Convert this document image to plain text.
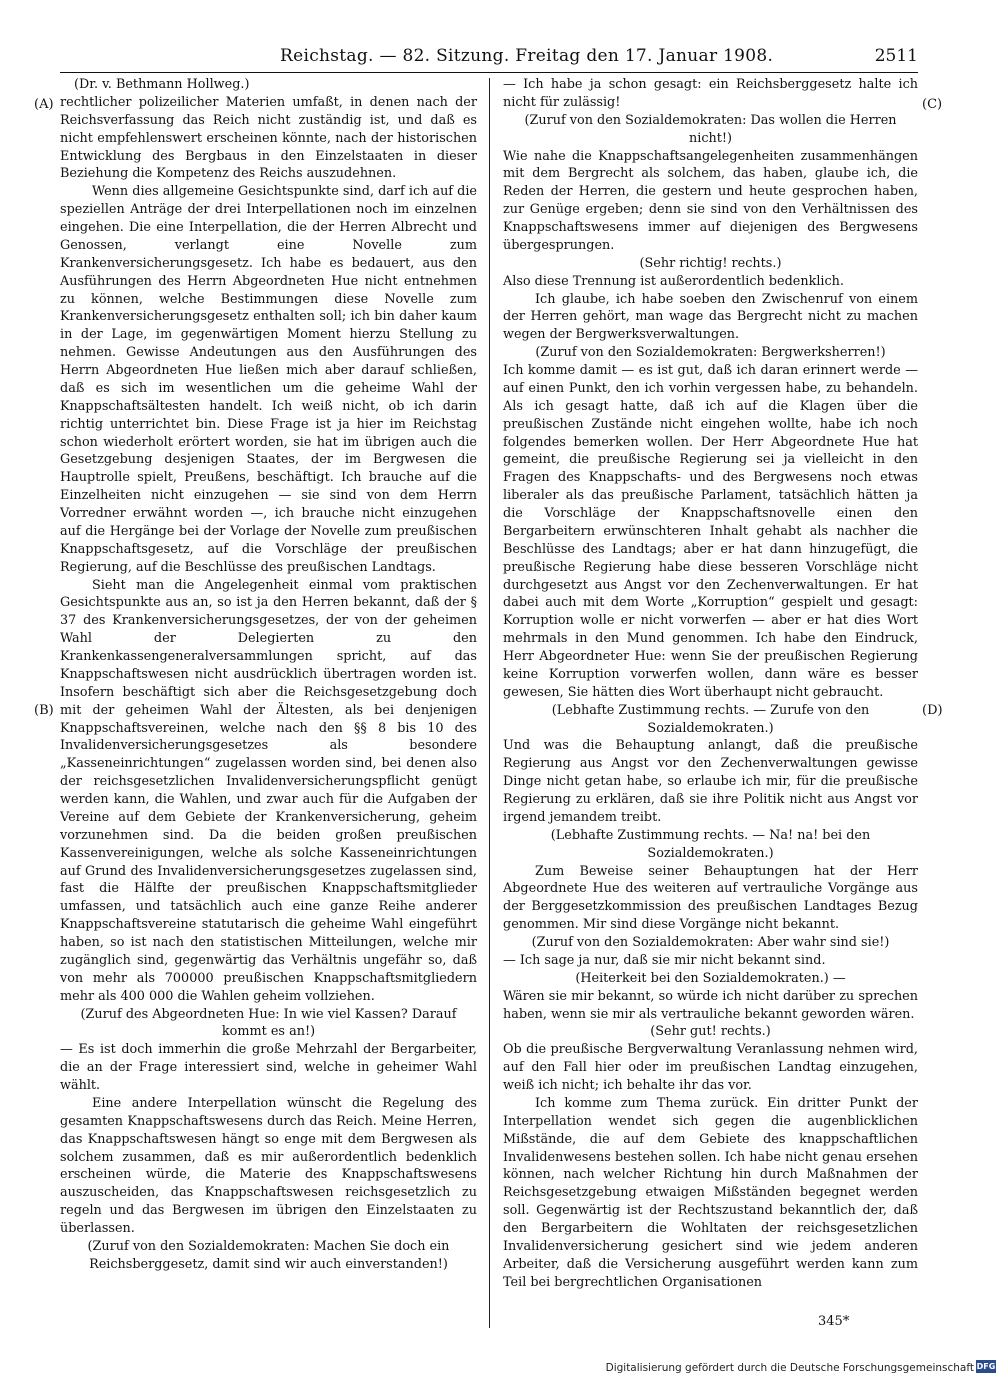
Reichstag. — 82. Sitzung. Freitag den 17. Januar 1908.	2511
(A)
(B)
(C)
(D)

(Dr. v. Bethmann Hollweg.)

rechtlicher polizeilicher Materien umfaßt, in denen nach der Reichsverfassung das Reich nicht zuständig ist, und daß es nicht empfehlenswert erscheinen könnte, nach der historischen Entwicklung des Bergbaus in den Einzelstaaten in dieser Beziehung die Kompetenz des Reichs auszudehnen.

Wenn dies allgemeine Gesichtspunkte sind, darf ich auf die speziellen Anträge der drei Interpellationen noch im einzelnen eingehen. Die eine Interpellation, die der Herren Albrecht und Genossen, verlangt eine Novelle zum Krankenversicherungsgesetz. Ich habe es bedauert, aus den Ausführungen des Herrn Abgeordneten Hue nicht entnehmen zu können, welche Bestimmungen diese Novelle zum Krankenversicherungsgesetz enthalten soll; ich bin daher kaum in der Lage, im gegenwärtigen Moment hierzu Stellung zu nehmen. Gewisse Andeutungen aus den Ausführungen des Herrn Abgeordneten Hue ließen mich aber darauf schließen, daß es sich im wesentlichen um die geheime Wahl der Knappschaftsältesten handelt. Ich weiß nicht, ob ich darin richtig unterrichtet bin. Diese Frage ist ja hier im Reichstag schon wiederholt erörtert worden, sie hat im übrigen auch die Gesetzgebung desjenigen Staates, der im Bergwesen die Hauptrolle spielt, Preußens, beschäftigt. Ich brauche auf die Einzelheiten nicht einzugehen — sie sind von dem Herrn Vorredner erwähnt worden —, ich brauche nicht einzugehen auf die Hergänge bei der Vorlage der Novelle zum preußischen Knappschaftsgesetz, auf die Vorschläge der preußischen Regierung, auf die Beschlüsse des preußischen Landtags.

Sieht man die Angelegenheit einmal vom praktischen Gesichtspunkte aus an, so ist ja den Herren bekannt, daß der § 37 des Krankenversicherungsgesetzes, der von der geheimen Wahl der Delegierten zu den Krankenkassengeneralversammlungen spricht, auf das Knappschaftswesen nicht ausdrücklich übertragen worden ist. Insofern beschäftigt sich aber die Reichsgesetzgebung doch mit der geheimen Wahl der Ältesten, als bei denjenigen Knappschaftsvereinen, welche nach den §§ 8 bis 10 des Invalidenversicherungsgesetzes als besondere „Kasseneinrichtungen“ zugelassen worden sind, bei denen also der reichsgesetzlichen Invalidenversicherungspflicht genügt werden kann, die Wahlen, und zwar auch für die Aufgaben der Vereine auf dem Gebiete der Krankenversicherung, geheim vorzunehmen sind. Da die beiden großen preußischen Kassenvereinigungen, welche als solche Kasseneinrichtungen auf Grund des Invalidenversicherungsgesetzes zugelassen sind, fast die Hälfte der preußischen Knappschaftsmitglieder umfassen, und tatsächlich auch eine ganze Reihe anderer Knappschaftsvereine statutarisch die geheime Wahl eingeführt haben, so ist nach den statistischen Mitteilungen, welche mir zugänglich sind, gegenwärtig das Verhältnis ungefähr so, daß von mehr als 700000 preußischen Knappschaftsmitgliedern mehr als 400 000 die Wahlen geheim vollziehen.

(Zuruf des Abgeordneten Hue: In wie viel Kassen? Darauf kommt es an!)

— Es ist doch immerhin die große Mehrzahl der Bergarbeiter, die an der Frage interessiert sind, welche in geheimer Wahl wählt.

Eine andere Interpellation wünscht die Regelung des gesamten Knappschaftswesens durch das Reich. Meine Herren, das Knappschaftswesen hängt so enge mit dem Bergwesen als solchem zusammen, daß es mir außerordentlich bedenklich erscheinen würde, die Materie des Knappschaftswesens auszuscheiden, das Knappschaftswesen reichsgesetzlich zu regeln und das Bergwesen im übrigen den Einzelstaaten zu überlassen.

(Zuruf von den Sozialdemokraten: Machen Sie doch ein Reichsberggesetz, damit sind wir auch einverstanden!)

— Ich habe ja schon gesagt: ein Reichsberggesetz halte ich nicht für zulässig!

(Zuruf von den Sozialdemokraten: Das wollen die Herren nicht!)

Wie nahe die Knappschaftsangelegenheiten zusammenhängen mit dem Bergrecht als solchem, das haben, glaube ich, die Reden der Herren, die gestern und heute gesprochen haben, zur Genüge ergeben; denn sie sind von den Verhältnissen des Knappschaftswesens immer auf diejenigen des Bergwesens übergesprungen.

(Sehr richtig! rechts.)

Also diese Trennung ist außerordentlich bedenklich.

Ich glaube, ich habe soeben den Zwischenruf von einem der Herren gehört, man wage das Bergrecht nicht zu machen wegen der Bergwerksverwaltungen.

(Zuruf von den Sozialdemokraten: Bergwerksherren!)

Ich komme damit — es ist gut, daß ich daran erinnert werde — auf einen Punkt, den ich vorhin vergessen habe, zu behandeln. Als ich gesagt hatte, daß ich auf die Klagen über die preußischen Zustände nicht eingehen wollte, habe ich noch folgendes bemerken wollen. Der Herr Abgeordnete Hue hat gemeint, die preußische Regierung sei ja vielleicht in den Fragen des Knappschafts- und des Bergwesens noch etwas liberaler als das preußische Parlament, tatsächlich hätten ja die Vorschläge der Knappschaftsnovelle einen den Bergarbeitern erwünschteren Inhalt gehabt als nachher die Beschlüsse des Landtags; aber er hat dann hinzugefügt, die preußische Regierung habe diese besseren Vorschläge nicht durchgesetzt aus Angst vor den Zechenverwaltungen. Er hat dabei auch mit dem Worte „Korruption“ gespielt und gesagt: Korruption wolle er nicht vorwerfen — aber er hat dies Wort mehrmals in den Mund genommen. Ich habe den Eindruck, Herr Abgeordneter Hue: wenn Sie der preußischen Regierung keine Korruption vorwerfen wollen, dann wäre es besser gewesen, Sie hätten dies Wort überhaupt nicht gebraucht.

(Lebhafte Zustimmung rechts. — Zurufe von den Sozialdemokraten.)

Und was die Behauptung anlangt, daß die preußische Regierung aus Angst vor den Zechenverwaltungen gewisse Dinge nicht getan habe, so erlaube ich mir, für die preußische Regierung zu erklären, daß sie ihre Politik nicht aus Angst vor irgend jemandem treibt.

(Lebhafte Zustimmung rechts. — Na! na! bei den Sozialdemokraten.)

Zum Beweise seiner Behauptungen hat der Herr Abgeordnete Hue des weiteren auf vertrauliche Vorgänge aus der Berggesetzkommission des preußischen Landtages Bezug genommen. Mir sind diese Vorgänge nicht bekannt.

(Zuruf von den Sozialdemokraten: Aber wahr sind sie!)

— Ich sage ja nur, daß sie mir nicht bekannt sind.

(Heiterkeit bei den Sozialdemokraten.) —

Wären sie mir bekannt, so würde ich nicht darüber zu sprechen haben, wenn sie mir als vertrauliche bekannt geworden wären.

(Sehr gut! rechts.)

Ob die preußische Bergverwaltung Veranlassung nehmen wird, auf den Fall hier oder im preußischen Landtag einzugehen, weiß ich nicht; ich behalte ihr das vor.

Ich komme zum Thema zurück. Ein dritter Punkt der Interpellation wendet sich gegen die augenblicklichen Mißstände, die auf dem Gebiete des knappschaftlichen Invalidenwesens bestehen sollen. Ich habe nicht genau ersehen können, nach welcher Richtung hin durch Maßnahmen der Reichsgesetzgebung etwaigen Mißständen begegnet werden soll. Gegenwärtig ist der Rechtszustand bekanntlich der, daß den Bergarbeitern die Wohltaten der reichsgesetzlichen Invalidenversicherung gesichert sind wie jedem anderen Arbeiter, daß die Versicherung ausgeführt werden kann zum Teil bei bergrechtlichen Organisationen

345*
Digitalisierung gefördert durch die Deutsche Forschungsgemeinschaft DFG
